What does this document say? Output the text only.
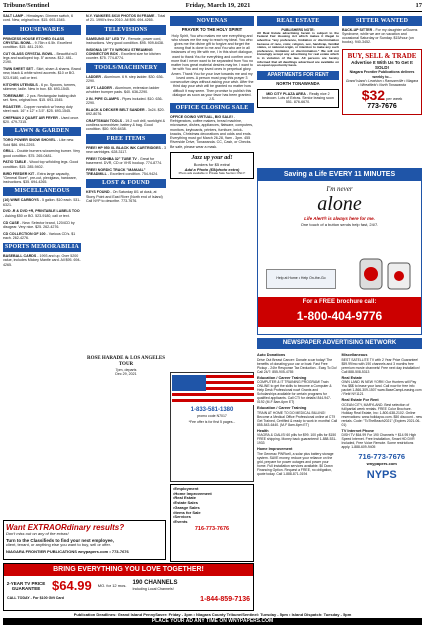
Tribune/Sentinel	Friday, March 19, 2021	17
SALT LAMP - Himalayan. Dimmer switch, 6 cord. New, original box. $15. 693-1545.
HOUSEWARES
PRINCESS HOUSE ETCHED GLASS CRYSTAL BOWL - 9.75in x 6.5h. Excellent condition. $15. 481-2190.
CUT GLASS CRYSTAL BOWL - Beautiful w/3 legs and scalloped top. 5" across. $12. 481-2190.
TWIN SHEET SET - Skirt, sham & shams. Brand new, black & white w/red accents. $10 or BO. 523-9180, call or text.
KITCHEN UTENSILS - 6 pc. Spoons, turners, skimmer, ladle. New in box. $5. 693-1545.
TOREWARE - 2 pcs. Rectangular baking dish set. New, original box. $15. 693-1545.
ROASTER - Copper nonstick w/ heavy duty steel rack. 16" x 12" x 3.5". $25. 693-1545.
CHEFMAN 2 QUART AIR FRYER - Used once. $20. 479-7315.
LAWN & GARDEN
TORO POWER SNOW SHOVEL - Like new. Sold $86. 694-2293.
GRILL - Double burners w/warming burner. Very good condition. $75. 265-0481.
PATIO TABLE - Wood top w/folding legs. Good condition. $15. 285-9402.
BIRD FEEDER KIT - Extra large capacity, "General Store", pre-cut, plexiglass, hardware, instructions. $35. 694-4265.
MISCELLANEOUS
(16) WINE CARBOYS - 5 gallon. $10 each. 531-6321.
DVD -R & DVD +R, PRINTABLE LABELS TOO - Asking $50 or BO. 523-9180, call or text.
CD CASE - New. Selector brand, 1204CD by discgear. Very nice. $25. 262-4276.
CD COLLECTION OF 100 - Various CD's. $1 each. 262-4276.
SPORTS MEMORABILIA
BASEBALL CARDS - 1993 and up. Over 5200 value, includes Mickey Mantle card. All $95. 694-4265.
N.Y. YANKEES 8X10 PHOTOS IN FRAME - Total of 21. 1990's thru 2010. All $95. 694-4265.
TELEVISIONS
SAMSUNG 32" LED TV - Remote, power cord, instructions. Very good condition. $95. 909-6438.
INSIGNIA 19" TV W/ROKU STREAMING CONNECTOR BOX - Excellent size for kitchen counter. $75. 774-8774.
TOOLS/MACHINERY
LADDER - Aluminum. 6 ft. step ladder. $30. 636-2290.
16 FT. LADDER - Aluminum, extension ladder w/rubber bumper pads. $40. 636-2290.
2 IN. PIPE CLAMPS - Pipes included. $10. 636-2290.
BLACK & DECKER BELT SANDER - 3x24. $20. 692-8076.
CRAFTSMAN TOOLS - 19.2 volt drill, worklight & cordless screwdriver, battery & bag. Good condition. $50. 909-6438.
FREE ITEMS
FREE! HP 950 XL BLACK INK CARTRIDGES - 3 new cartridges. 628-3117.
FREE! TOSHIBA 32" TUBE TV - Great for basement. DVR, CD or VHS hookup. 774-8774.
FREE! NORDIC TRACK "MANUAL" TREADMILL - Excellent condition. 754-9424.
LOST & FOUND
KEYS FOUND - On Saturday 8/1 at dusk, at Stony Point and East River (North end of Island) Call NYP to describe. 773-7676.
ROSE HARADE & LOS ANGELES TOUR
7pm, departs
Dec 29, 2021
NOVENAS
PRAYER TO THE HOLY SPIRIT
Holy Spirit, You who makes me see everything and who shows me the way to reach my ideal. You who gives me the divine gift to forgive and forget the wrong that is done to me and You who are in all instances of my life with me, I in this short dialogue, want to thank You for everything and confirm once more that I never want to be separated from You no matter how great material desires may be. I want to be with You and my loved ones in perpetual glory. Amen. Thank You for your love towards me and my loved ones. A person must pray this prayer 3 consecutive days without asking your wish. After the third day your wish will be granted no matter how difficult it may seem. Then promise to publish this dialogue as soon as your favor has been granted. J.S.
OFFICE CLOSING SALE
OFFICE GOING VIRTUAL, BIG SALE! - Refrigerators, coffee makers, bread machine, microwave, dishes, appliances, flatware, computers, monitors, keyboards, printers, furniture, knick-knacks, Christmas decorations and odds and ends. Everything must go! March 26-28, 9am - 3pm. 455 Riverside Drive, Tonawanda. CC, Cash, or Checks. Be safe, please wear a mask.
Jazz up your ad!
Borders for $5 extra!
Add a Photo ($5/photo extra)
Photo ads available in Private Sale Section ONLY!
1-833-581-1380
promo code N7017
*Fee offer is for first 5 pages...
• Employment
• Home Improvement
• Real Estate
• Estate Sales
• Garage Sales
• Items for Sale
• Services
• Events
716-773-7676
REAL ESTATE
PUBLISHERS NOTE:
All Real Estate advertising herein is subject to the Federal Fair Housing Act which makes it illegal to advertise "any preference, limitation or discrimination because of race, color, religion, sex, handicap, familial status, or national origin, or intention to make any such preference, limitation or discrimination." We will not knowingly accept any advertising for real estate which is in violation of the law. All persons are hereby informed that all dwellings advertised are available on an equal opportunity basis.
APARTMENTS FOR RENT
NORTH TONAWANDA
MID CITY PLAZA AREA - Really nice 2 bedroom. Lots of Extras. Senior leasing soon 551. 876-6670.
SITTER WANTED
BACK-UP SITTER - For my daughter w/Downs Syndrome, while we are on vacation and occasional Saturday or Sunday. $15/hour (on books). 940-3452.
BUY, SELL & TRADE
Advertise It With Us To Get It SOLD!
Niagara Frontier Publications delivers weekly to...
Grand Island • Lewiston • Ransomville • Niagara • Wheatfield • North Tonawanda
$32 per week
773-7676
Saving a Life EVERY 11 MINUTES
I'm never
alone
Life Alert® is always here for me.
One touch of a button sends help fast, 24/7.
Help at Home • Help On-the-Go
For a FREE brochure call:
1-800-404-9776
NEWSPAPER ADVERTISING NETWORK
Auto Donations
Drive Out Breast Cancer: Donate a car today! The benefits of donating your car or boat: Fast Free Pickup - 24hr Response Tax Deduction - Easy To Do! Call 24/7: 855-905-4755
Education / Career Training
COMPUTER & IT TRAINING PROGRAM! Train ONLINE to get the skills to become a Computer & Help Desk Professional now! Grants and Scholarships available for certain programs for qualified applicants. Call CTI for details! 844-947-0192 (M-F 8am-6pm ET)
Education / Career Training
TRAIN AT HOME TO DO MEDICAL BILLING! Become a Medical Office Professional online at CTI! Get Trained, Certified & ready to work in months! Call 855-543-6440. (M-F 8am-6pm ET)
Health
VIAGRA & CIALIS! 60 pills for $99. 100 pills for $150 FREE shipping. Money back guaranteed! 1-888-531-1933
Home Improvement
The Generac PWRcell, a solar plus battery storage system. SAVE money, reduce your reliance on the grid, prepare for power outages and power your home. Full installation services available. $0 Down Financing Option. Request a FREE, no obligation, quote today. Call 1-888-871-0194
Miscellaneous
BEST SATELLITE TV with 2 Year Price Guarantee! $59.99/mo with 190 channels and 3 months free premium movie channels! Free next day installation! Call 888-508-5313
Real Estate
OWN LAND IN NEW YORK! Our Hunters will Pay You $$$ to lease your land. Call now for free info packet 1-866-309-1507 www.BaseCampLeasing.com / Ref# NY1121
Real Estate For Rent
OCEAN CITY, MARYLAND. Best selection of full/partial week rentals. FREE Color Brochure. Holiday Real Estate, Inc: 1-800-638-2102. Online reservations: www.holidayoc.com. $50 discount - new rentals. Code: "ToTheBeach2021" (Expires 2021-06-01)
TV Internet Phone
DISH TV $64.99 For 190 Channels + $14.95 High Speed Internet. Free Installation, Smart HD DVR Included, Free Voice Remote. Some restrictions apply. 1-888-609-9405
716-773-7676
wnypapers.com
NYPS
Want EXTRAORdinary results?
Don't miss out on any of the extras!
Turn to the Classifieds to find your next employee,
client, tenant, or anything else you want to buy, sell or offer.
NIAGARA FRONTIER PUBLICATIONS wnypapers.com • 773-7676
BRING EVERYTHING YOU LOVE TOGETHER!
2-YEAR TV PRICE GUARANTEE $64.99 MO. for 12 mos. 190 CHANNELS
Including Local Channels!
CALL TODAY - For $100 Gift Card	1-844-859-7136
Publication Deadlines: Grand Island PennySaver: Friday - 3pm • Niagara County Tribune/Sentinel: Tuesday - 5pm • Island Dispatch: Tuesday - 5pm
PLACE YOUR AD ANY TIME ON WNYPAPERS.COM
